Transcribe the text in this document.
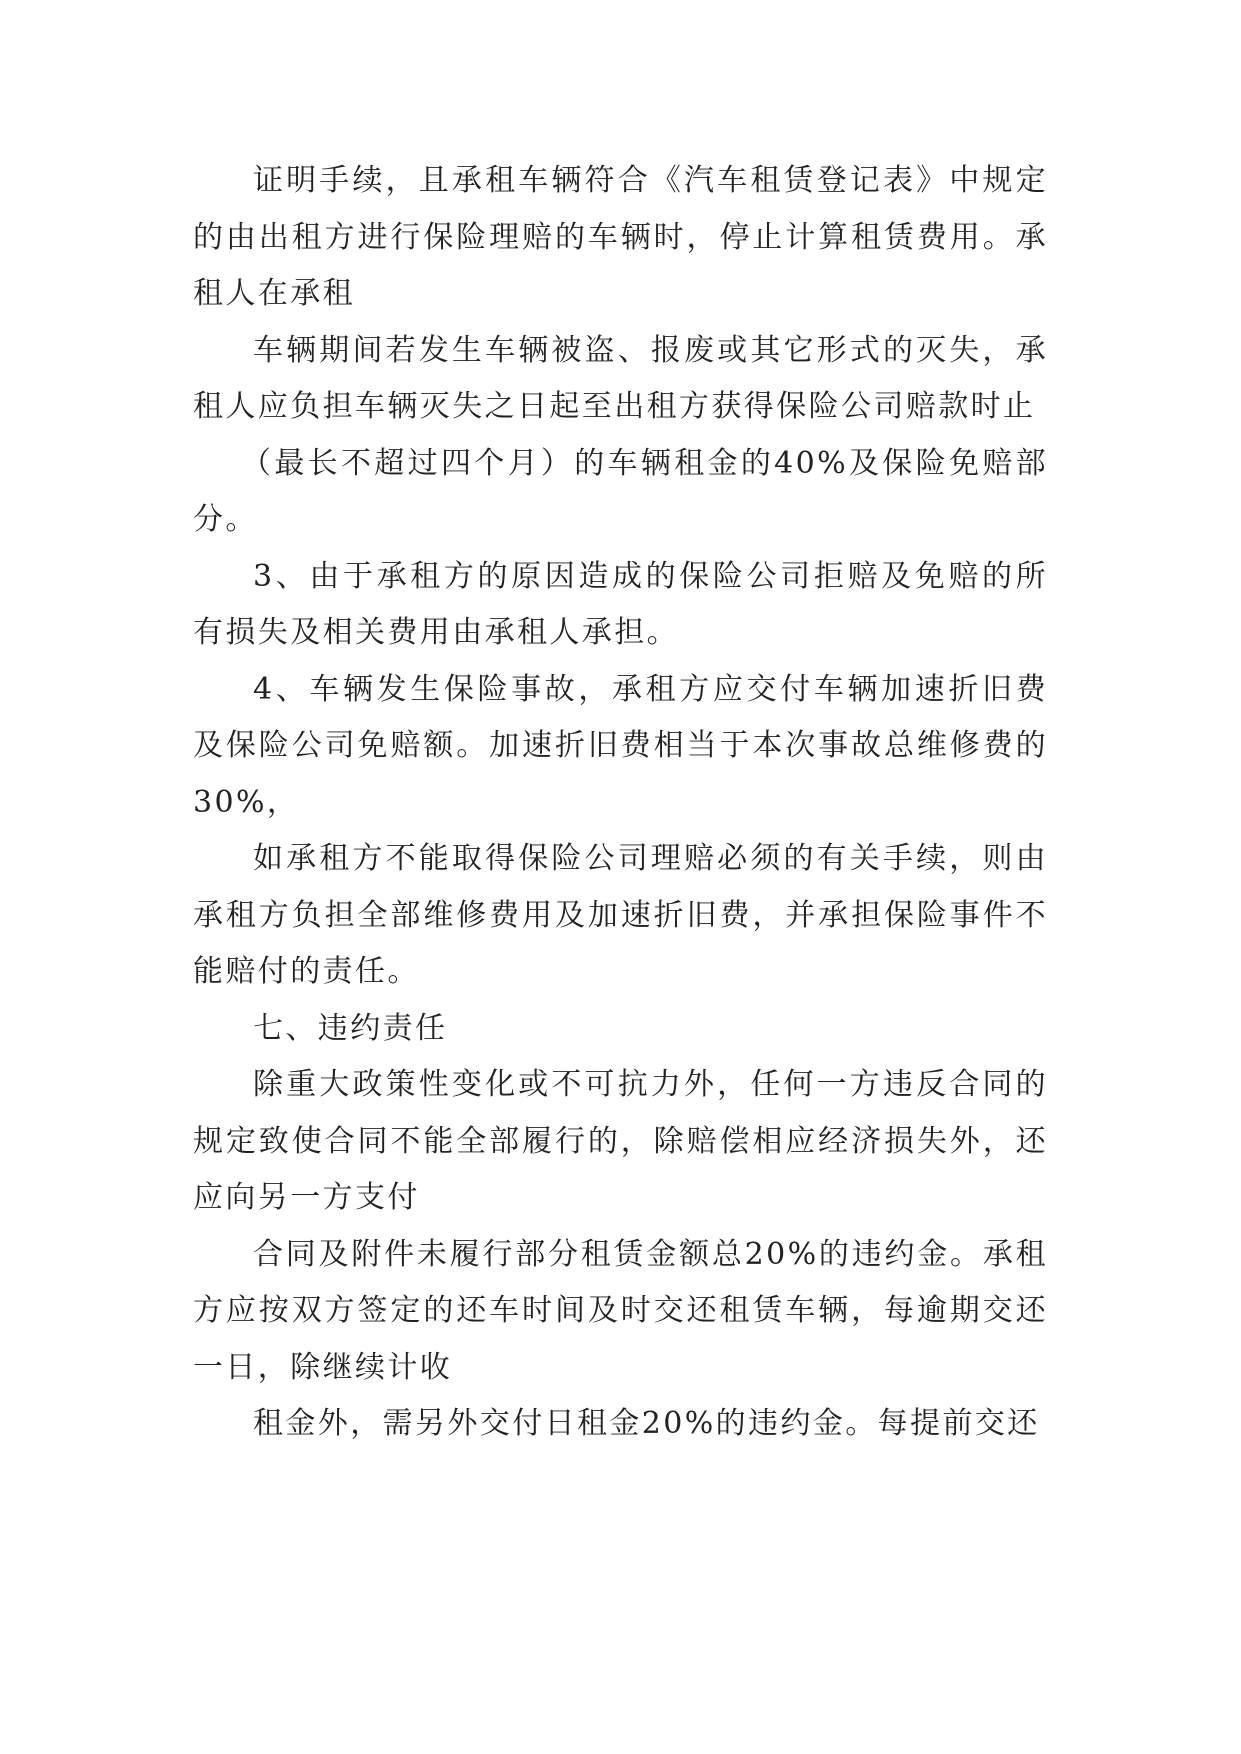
证明手续，且承租车辆符合《汽车租赁登记表》中规定的由出租方进行保险理赔的车辆时，停止计算租赁费用。承租人在承租

车辆期间若发生车辆被盗、报废或其它形式的灭失，承租人应负担车辆灭失之日起至出租方获得保险公司赔款时止

（最长不超过四个月）的车辆租金的40%及保险免赔部分。

3、由于承租方的原因造成的保险公司拒赔及免赔的所有损失及相关费用由承租人承担。

4、车辆发生保险事故，承租方应交付车辆加速折旧费及保险公司免赔额。加速折旧费相当于本次事故总维修费的30%，

如承租方不能取得保险公司理赔必须的有关手续，则由承租方负担全部维修费用及加速折旧费，并承担保险事件不能赔付的责任。

七、违约责任

除重大政策性变化或不可抗力外，任何一方违反合同的规定致使合同不能全部履行的，除赔偿相应经济损失外，还应向另一方支付

合同及附件未履行部分租赁金额总20%的违约金。承租方应按双方签定的还车时间及时交还租赁车辆，每逾期交还一日，除继续计收

租金外，需另外交付日租金20%的违约金。每提前交还
